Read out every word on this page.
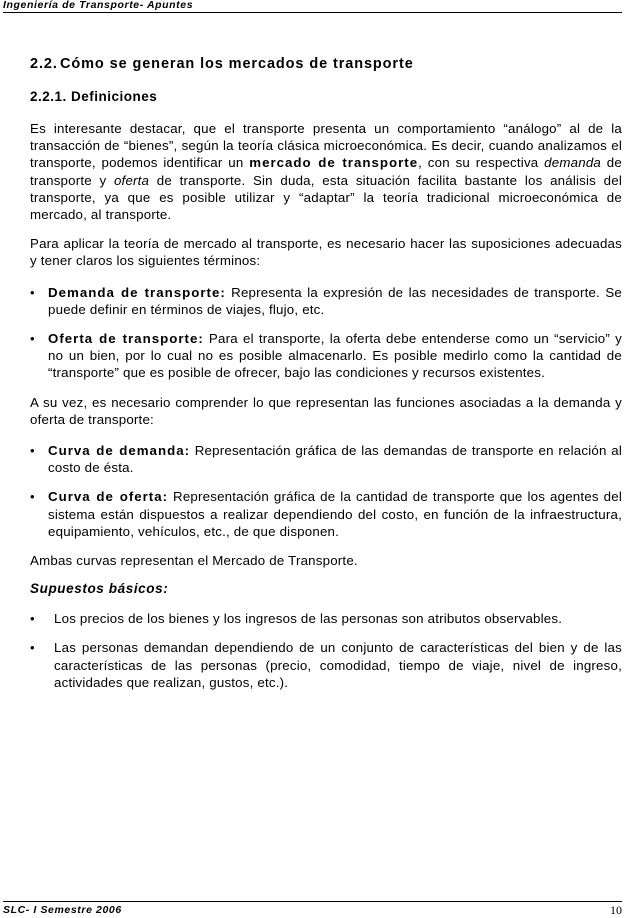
Ingeniería de Transporte- Apuntes
2.2. Cómo se generan los mercados de transporte
2.2.1. Definiciones

Es interesante destacar, que el transporte presenta un comportamiento “análogo” al de la transacción de “bienes”, según la teoría clásica microeconómica. Es decir, cuando analizamos el transporte, podemos identificar un mercado de transporte, con su respectiva demanda de transporte y oferta de transporte. Sin duda, esta situación facilita bastante los análisis del transporte, ya que es posible utilizar y “adaptar” la teoría tradicional microeconómica de mercado, al transporte.

Para aplicar la teoría de mercado al transporte, es necesario hacer las suposiciones adecuadas y tener claros los siguientes términos:

• Demanda de transporte: Representa la expresión de las necesidades de transporte. Se puede definir en términos de viajes, flujo, etc.
• Oferta de transporte: Para el transporte, la oferta debe entenderse como un “servicio” y no un bien, por lo cual no es posible almacenarlo. Es posible medirlo como la cantidad de “transporte” que es posible de ofrecer, bajo las condiciones y recursos existentes.

A su vez, es necesario comprender lo que representan las funciones asociadas a la demanda y oferta de transporte:

• Curva de demanda: Representación gráfica de las demandas de transporte en relación al costo de ésta.
• Curva de oferta: Representación gráfica de la cantidad de transporte que los agentes del sistema están dispuestos a realizar dependiendo del costo, en función de la infraestructura, equipamiento, vehículos, etc., de que disponen.

Ambas curvas representan el Mercado de Transporte.

Supuestos básicos:
• Los precios de los bienes y los ingresos de las personas son atributos observables.
• Las personas demandan dependiendo de un conjunto de características del bien y de las características de las personas (precio, comodidad, tiempo de viaje, nivel de ingreso, actividades que realizan, gustos, etc.).
SLC- I Semestre 2006	10
